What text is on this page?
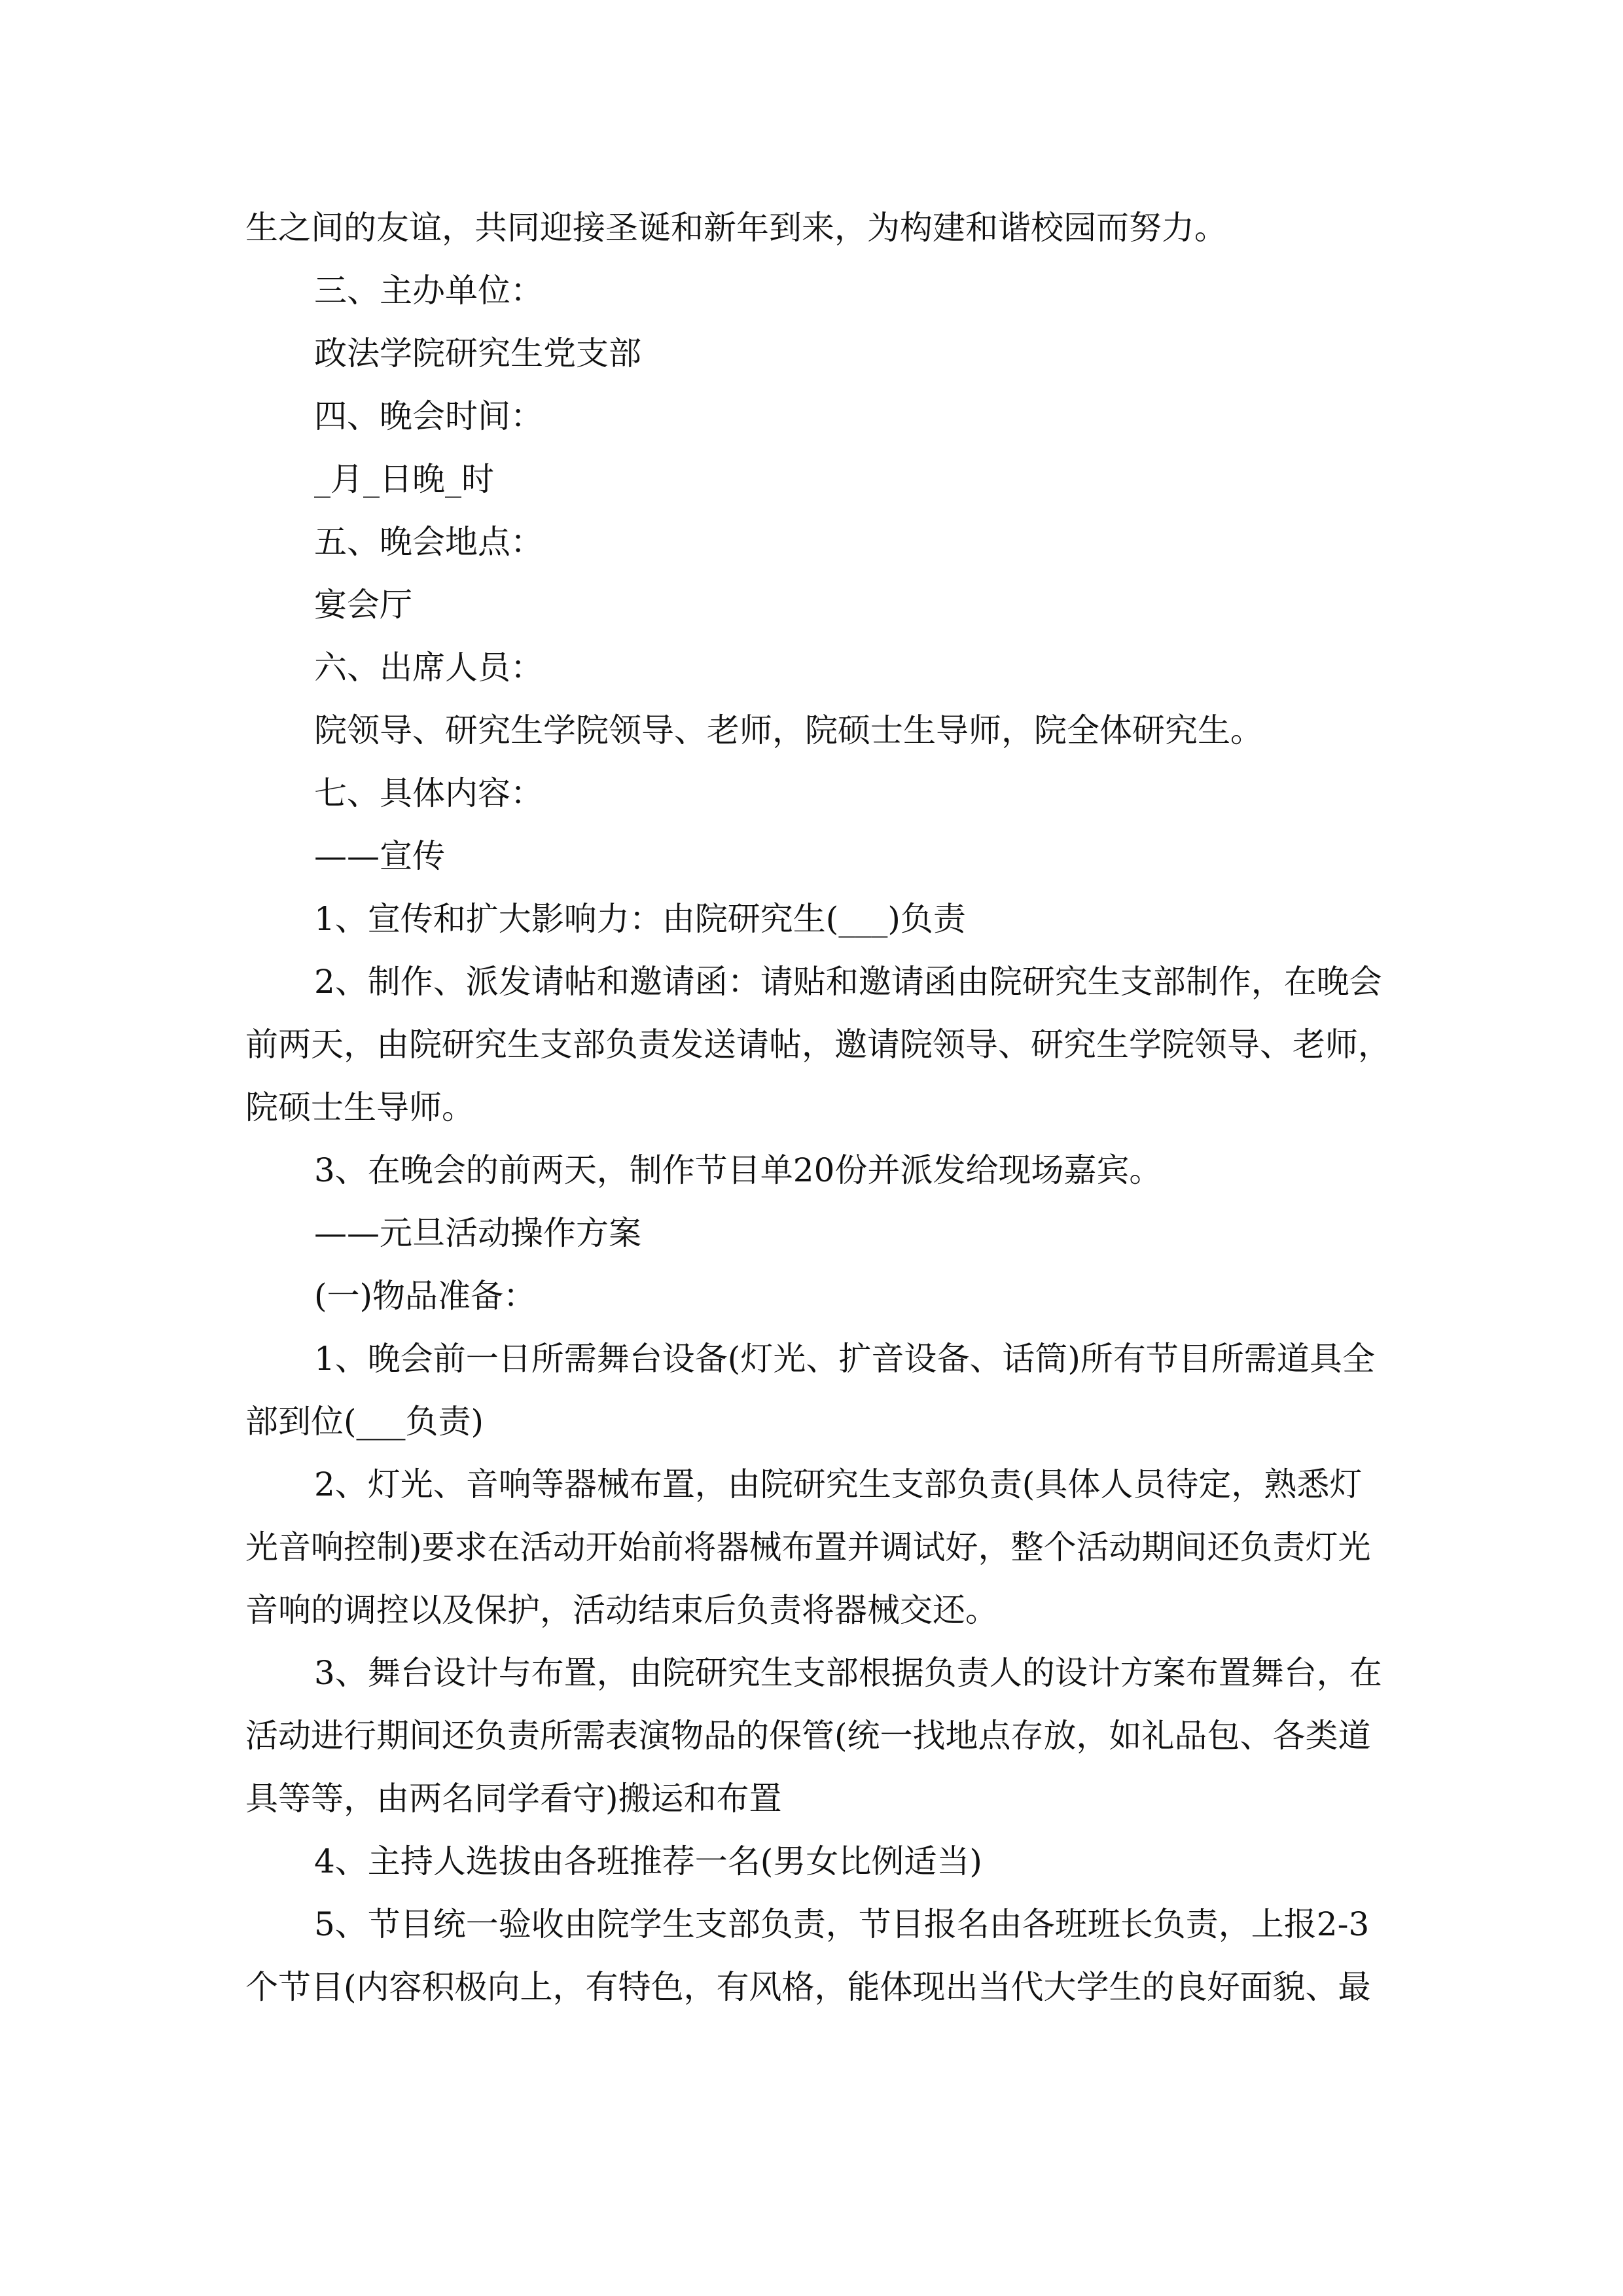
生之间的友谊，共同迎接圣诞和新年到来，为构建和谐校园而努力。

三、主办单位：

政法学院研究生党支部

四、晚会时间：

_月_日晚_时

五、晚会地点：

宴会厅

六、出席人员：

院领导、研究生学院领导、老师，院硕士生导师，院全体研究生。

七、具体内容：

——宣传

1、宣传和扩大影响力：由院研究生(___)负责

2、制作、派发请帖和邀请函：请贴和邀请函由院研究生支部制作，在晚会前两天，由院研究生支部负责发送请帖，邀请院领导、研究生学院领导、老师，院硕士生导师。

3、在晚会的前两天，制作节目单20份并派发给现场嘉宾。

——元旦活动操作方案

(一)物品准备：

1、晚会前一日所需舞台设备(灯光、扩音设备、话筒)所有节目所需道具全部到位(___负责)

2、灯光、音响等器械布置，由院研究生支部负责(具体人员待定，熟悉灯光音响控制)要求在活动开始前将器械布置并调试好，整个活动期间还负责灯光音响的调控以及保护，活动结束后负责将器械交还。

3、舞台设计与布置，由院研究生支部根据负责人的设计方案布置舞台，在活动进行期间还负责所需表演物品的保管(统一找地点存放，如礼品包、各类道具等等，由两名同学看守)搬运和布置

4、主持人选拔由各班推荐一名(男女比例适当)

5、节目统一验收由院学生支部负责，节目报名由各班班长负责，上报2-3个节目(内容积极向上，有特色，有风格，能体现出当代大学生的良好面貌、最
